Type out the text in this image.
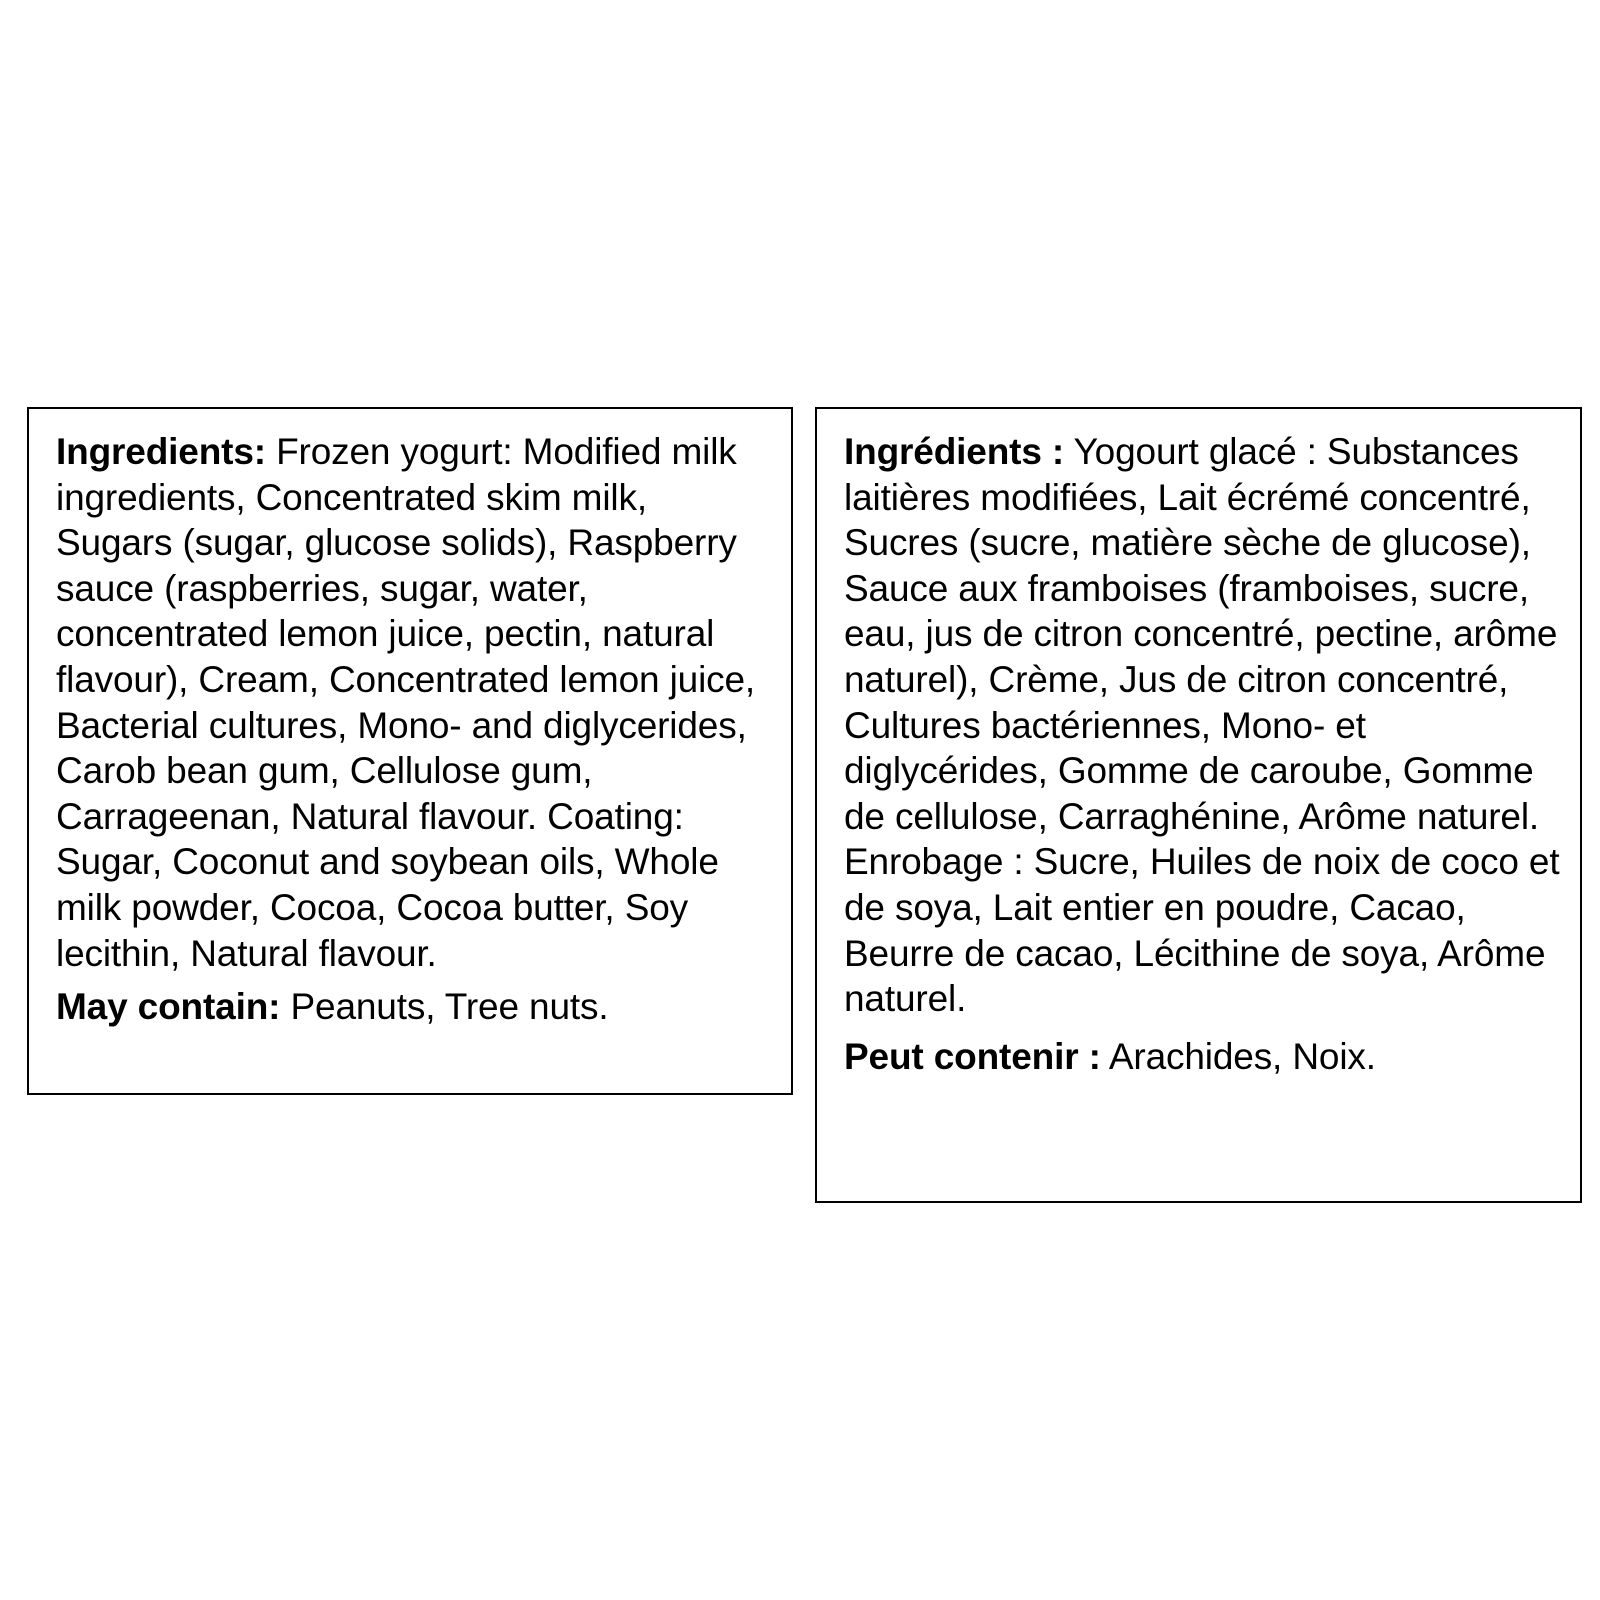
Ingredients: Frozen yogurt: Modified milk ingredients, Concentrated skim milk, Sugars (sugar, glucose solids), Raspberry sauce (raspberries, sugar, water, concentrated lemon juice, pectin, natural flavour), Cream, Concentrated lemon juice, Bacterial cultures, Mono- and diglycerides, Carob bean gum, Cellulose gum, Carrageenan, Natural flavour. Coating: Sugar, Coconut and soybean oils, Whole milk powder, Cocoa, Cocoa butter, Soy lecithin, Natural flavour.

May contain: Peanuts, Tree nuts.

Ingrédients : Yogourt glacé : Substances laitières modifiées, Lait écrémé concentré, Sucres (sucre, matière sèche de glucose), Sauce aux framboises (framboises, sucre, eau, jus de citron concentré, pectine, arôme naturel), Crème, Jus de citron concentré, Cultures bactériennes, Mono- et diglycérides, Gomme de caroube, Gomme de cellulose, Carraghénine, Arôme naturel. Enrobage : Sucre, Huiles de noix de coco et de soya, Lait entier en poudre, Cacao, Beurre de cacao, Lécithine de soya, Arôme naturel.

Peut contenir : Arachides, Noix.
